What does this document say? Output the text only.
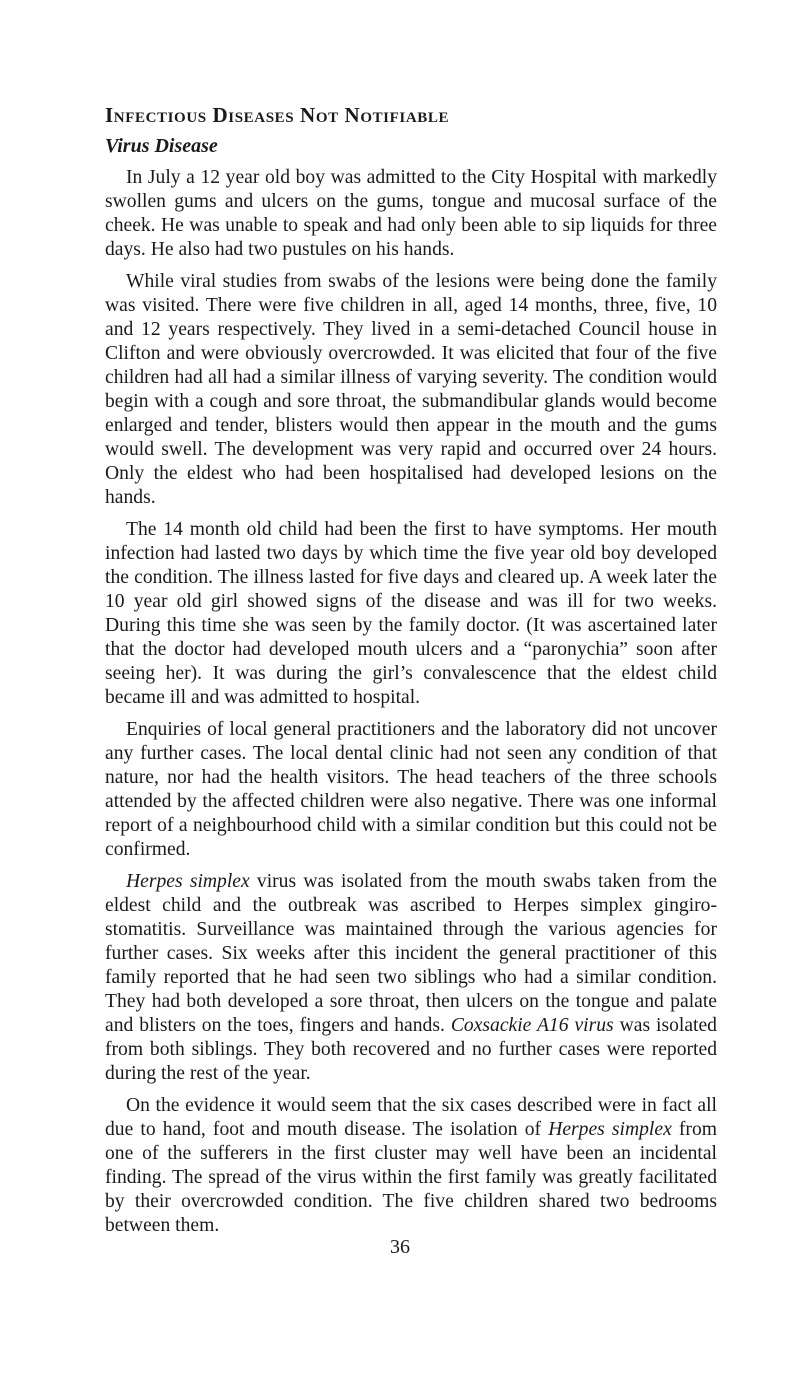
Infectious Diseases Not Notifiable
Virus Disease

In July a 12 year old boy was admitted to the City Hospital with markedly swollen gums and ulcers on the gums, tongue and mucosal surface of the cheek. He was unable to speak and had only been able to sip liquids for three days. He also had two pustules on his hands.

While viral studies from swabs of the lesions were being done the family was visited. There were five children in all, aged 14 months, three, five, 10 and 12 years respectively. They lived in a semi-detached Council house in Clifton and were obviously overcrowded. It was elicited that four of the five children had all had a similar illness of varying severity. The condition would begin with a cough and sore throat, the submandibular glands would become enlarged and tender, blisters would then appear in the mouth and the gums would swell. The development was very rapid and occurred over 24 hours. Only the eldest who had been hospitalised had developed lesions on the hands.

The 14 month old child had been the first to have symptoms. Her mouth infection had lasted two days by which time the five year old boy developed the condition. The illness lasted for five days and cleared up. A week later the 10 year old girl showed signs of the disease and was ill for two weeks. During this time she was seen by the family doctor. (It was ascertained later that the doctor had developed mouth ulcers and a “paronychia” soon after seeing her). It was during the girl’s convalescence that the eldest child became ill and was admitted to hospital.

Enquiries of local general practitioners and the laboratory did not uncover any further cases. The local dental clinic had not seen any condition of that nature, nor had the health visitors. The head teachers of the three schools attended by the affected children were also negative. There was one informal report of a neighbourhood child with a similar condition but this could not be confirmed.

Herpes simplex virus was isolated from the mouth swabs taken from the eldest child and the outbreak was ascribed to Herpes simplex gingiro-stomatitis. Surveillance was maintained through the various agencies for further cases. Six weeks after this incident the general practitioner of this family reported that he had seen two siblings who had a similar condition. They had both developed a sore throat, then ulcers on the tongue and palate and blisters on the toes, fingers and hands. Coxsackie A16 virus was isolated from both siblings. They both recovered and no further cases were reported during the rest of the year.

On the evidence it would seem that the six cases described were in fact all due to hand, foot and mouth disease. The isolation of Herpes simplex from one of the sufferers in the first cluster may well have been an incidental finding. The spread of the virus within the first family was greatly facilitated by their overcrowded condition. The five children shared two bedrooms between them.

36
